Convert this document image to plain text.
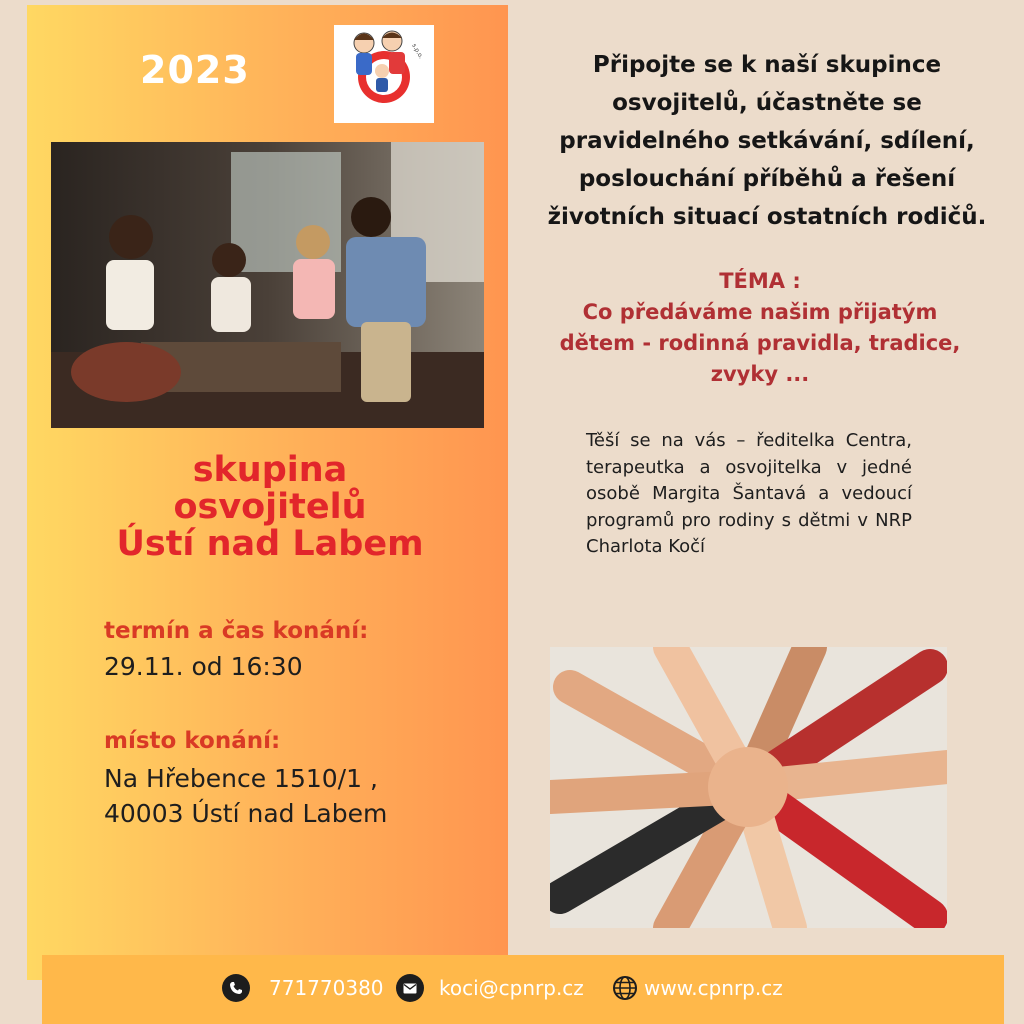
2023	s.p.o.
skupina
osvojitelů
Ústí nad Labem
termín a čas konání:
29.11. od 16:30
místo konání:
Na Hřebence 1510/1 ,
40003 Ústí nad Labem
Připojte se k naší skupince
osvojitelů, účastněte se
pravidelného setkávání, sdílení,
poslouchání příběhů a řešení
životních situací ostatních rodičů.
TÉMA :
Co předáváme našim přijatým
dětem - rodinná pravidla, tradice,
zvyky ...
Těší se na vás – ředitelka Centra, terapeutka a osvojitelka v jedné osobě Margita Šantavá a vedoucí programů pro rodiny s dětmi v NRP Charlota Kočí
771770380	koci@cpnrp.cz	www.cpnrp.cz
